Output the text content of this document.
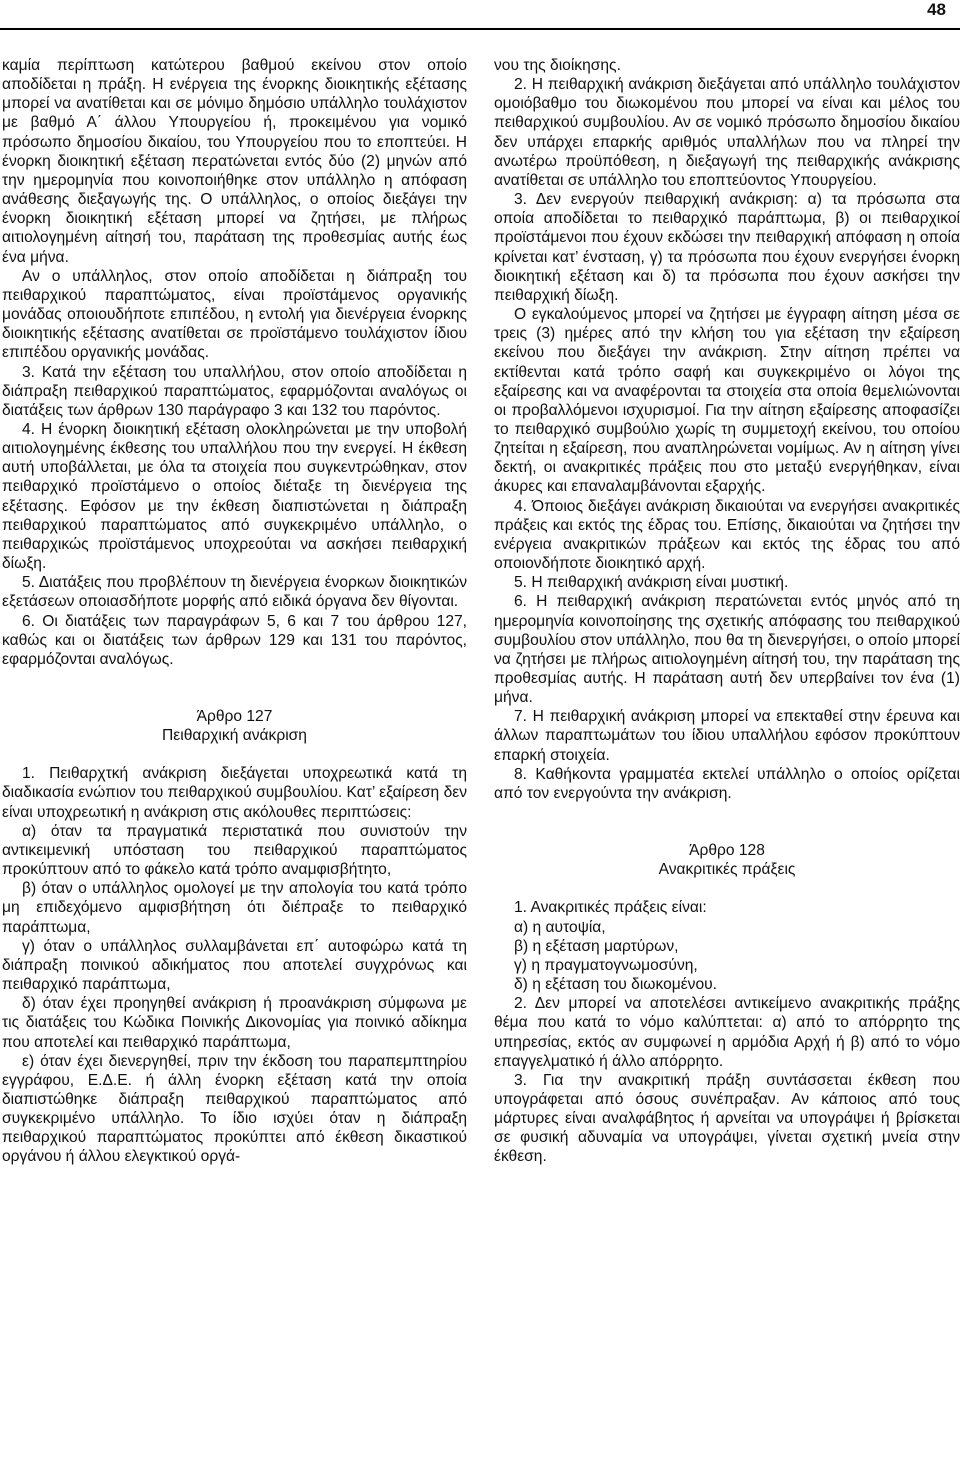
48

καμία περίπτωση κατώτερου βαθμού εκείνου στον οποίο αποδίδεται η πράξη. Η ενέργεια της ένορκης διοικητικής εξέτασης μπορεί να ανατίθεται και σε μόνιμο δημόσιο υπάλληλο τουλάχιστον με βαθμό Α΄ άλλου Υπουργείου ή, προκειμένου για νομικό πρόσωπο δημοσίου δικαίου, του Υπουργείου που το εποπτεύει. Η ένορκη διοικητική εξέταση περατώνεται εντός δύο (2) μηνών από την ημερομηνία που κοινοποιήθηκε στον υπάλληλο η απόφαση ανάθεσης διεξαγωγής της. Ο υπάλληλος, ο οποίος διεξάγει την ένορκη διοικητική εξέταση μπορεί να ζητήσει, με πλήρως αιτιολογημένη αίτησή του, παράταση της προθεσμίας αυτής έως ένα μήνα.

Αν ο υπάλληλος, στον οποίο αποδίδεται η διάπραξη του πειθαρχικού παραπτώματος, είναι προϊστάμενος οργανικής μονάδας οποιουδήποτε επιπέδου, η εντολή για διενέργεια ένορκης διοικητικής εξέτασης ανατίθεται σε προϊστάμενο τουλάχιστον ίδιου επιπέδου οργανικής μονάδας.

3. Κατά την εξέταση του υπαλλήλου, στον οποίο αποδίδεται η διάπραξη πειθαρχικού παραπτώματος, εφαρμόζονται αναλόγως οι διατάξεις των άρθρων 130 παράγραφο 3 και 132 του παρόντος.

4. Η ένορκη διοικητική εξέταση ολοκληρώνεται με την υποβολή αιτιολογημένης έκθεσης του υπαλλήλου που την ενεργεί. Η έκθεση αυτή υποβάλλεται, με όλα τα στοιχεία που συγκεντρώθηκαν, στον πειθαρχικό προϊστάμενο ο οποίος διέταξε τη διενέργεια της εξέτασης. Εφόσον με την έκθεση διαπιστώνεται η διάπραξη πειθαρχικού παραπτώματος από συγκεκριμένο υπάλληλο, ο πειθαρχικώς προϊστάμενος υποχρεούται να ασκήσει πειθαρχική δίωξη.

5. Διατάξεις που προβλέπουν τη διενέργεια ένορκων διοικητικών εξετάσεων οποιασδήποτε μορφής από ειδικά όργανα δεν θίγονται.

6. Οι διατάξεις των παραγράφων 5, 6 και 7 του άρθρου 127, καθώς και οι διατάξεις των άρθρων 129 και 131 του παρόντος, εφαρμόζονται αναλόγως.

Άρθρο 127

Πειθαρχική ανάκριση

1. Πειθαρχτκή ανάκριση διεξάγεται υποχρεωτικά κατά τη διαδικασία ενώπιον του πειθαρχικού συμβουλίου. Κατ’ εξαίρεση δεν είναι υποχρεωτική η ανάκριση στις ακόλουθες περιπτώσεις:

α) όταν τα πραγματικά περιστατικά που συνιστούν την αντικειμενική υπόσταση του πειθαρχικού παραπτώματος προκύπτουν από το φάκελο κατά τρόπο αναμφισβήτητο,

β) όταν ο υπάλληλος ομολογεί με την απολογία του κατά τρόπο μη επιδεχόμενο αμφισβήτηση ότι διέπραξε το πειθαρχικό παράπτωμα,

γ) όταν ο υπάλληλος συλλαμβάνεται επ΄ αυτοφώρω κατά τη διάπραξη ποινικού αδικήματος που αποτελεί συγχρόνως και πειθαρχικό παράπτωμα,

δ) όταν έχει προηγηθεί ανάκριση ή προανάκριση σύμφωνα με τις διατάξεις του Κώδικα Ποινικής Δικονομίας για ποινικό αδίκημα που αποτελεί και πειθαρχικό παράπτωμα,

ε) όταν έχει διενεργηθεί, πριν την έκδοση του παραπεμπτηρίου εγγράφου, Ε.Δ.Ε. ή άλλη ένορκη εξέταση κατά την οποία διαπιστώθηκε διάπραξη πειθαρχικού παραπτώματος από συγκεκριμένο υπάλληλο. Το ίδιο ισχύει όταν η διάπραξη πειθαρχικού παραπτώματος προκύπτει από έκθεση δικαστικού οργάνου ή άλλου ελεγκτικού οργά-

νου της διοίκησης.

2. Η πειθαρχική ανάκριση διεξάγεται από υπάλληλο τουλάχιστον ομοιόβαθμο του διωκομένου που μπορεί να είναι και μέλος του πειθαρχικού συμβουλίου. Αν σε νομικό πρόσωπο δημοσίου δικαίου δεν υπάρχει επαρκής αριθμός υπαλλήλων που να πληρεί την ανωτέρω προϋπόθεση, η διεξαγωγή της πειθαρχικής ανάκρισης ανατίθεται σε υπάλληλο του εποπτεύοντος Υπουργείου.

3. Δεν ενεργούν πειθαρχική ανάκριση: α) τα πρόσωπα στα οποία αποδίδεται το πειθαρχικό παράπτωμα, β) οι πειθαρχικοί προϊστάμενοι που έχουν εκδώσει την πειθαρχική απόφαση η οποία κρίνεται κατ’ ένσταση, γ) τα πρόσωπα που έχουν ενεργήσει ένορκη διοικητική εξέταση και δ) τα πρόσωπα που έχουν ασκήσει την πειθαρχική δίωξη.

Ο εγκαλούμενος μπορεί να ζητήσει με έγγραφη αίτηση μέσα σε τρεις (3) ημέρες από την κλήση του για εξέταση την εξαίρεση εκείνου που διεξάγει την ανάκριση. Στην αίτηση πρέπει να εκτίθενται κατά τρόπο σαφή και συγκεκριμένο οι λόγοι της εξαίρεσης και να αναφέρονται τα στοιχεία στα οποία θεμελιώνονται οι προβαλλόμενοι ισχυρισμοί. Για την αίτηση εξαίρεσης αποφασίζει το πειθαρχικό συμβούλιο χωρίς τη συμμετοχή εκείνου, του οποίου ζητείται η εξαίρεση, που αναπληρώνεται νομίμως. Αν η αίτηση γίνει δεκτή, οι ανακριτικές πράξεις που στο μεταξύ ενεργήθηκαν, είναι άκυρες και επαναλαμβάνονται εξαρχής.

4. Όποιος διεξάγει ανάκριση δικαιούται να ενεργήσει ανακριτικές πράξεις και εκτός της έδρας του. Επίσης, δικαιούται να ζητήσει την ενέργεια ανακριτικών πράξεων και εκτός της έδρας του από οποιονδήποτε διοικητικό αρχή.

5. Η πειθαρχική ανάκριση είναι μυστική.

6. Η πειθαρχική ανάκριση περατώνεται εντός μηνός από τη ημερομηνία κοινοποίησης της σχετικής απόφασης του πειθαρχικού συμβουλίου στον υπάλληλο, που θα τη διενεργήσει, ο οποίο μπορεί να ζητήσει με πλήρως αιτιολογημένη αίτησή του, την παράταση της προθεσμίας αυτής. Η παράταση αυτή δεν υπερβαίνει τον ένα (1) μήνα.

7. Η πειθαρχική ανάκριση μπορεί να επεκταθεί στην έρευνα και άλλων παραπτωμάτων του ίδιου υπαλλήλου εφόσον προκύπτουν επαρκή στοιχεία.

8. Καθήκοντα γραμματέα εκτελεί υπάλληλο ο οποίος ορίζεται από τον ενεργούντα την ανάκριση.

Άρθρο 128

Ανακριτικές πράξεις

1. Ανακριτικές πράξεις είναι:

α) η αυτοψία,

β) η εξέταση μαρτύρων,

γ) η πραγματογνωμοσύνη,

δ) η εξέταση του διωκομένου.

2. Δεν μπορεί να αποτελέσει αντικείμενο ανακριτικής πράξης θέμα που κατά το νόμο καλύπτεται: α) από το απόρρητο της υπηρεσίας, εκτός αν συμφωνεί η αρμόδια Αρχή ή β) από το νόμο επαγγελματικό ή άλλο απόρρητο.

3. Για την ανακριτική πράξη συντάσσεται έκθεση που υπογράφεται από όσους συνέπραξαν. Αν κάποιος από τους μάρτυρες είναι αναλφάβητος ή αρνείται να υπογράψει ή βρίσκεται σε φυσική αδυναμία να υπογράψει, γίνεται σχετική μνεία στην έκθεση.
